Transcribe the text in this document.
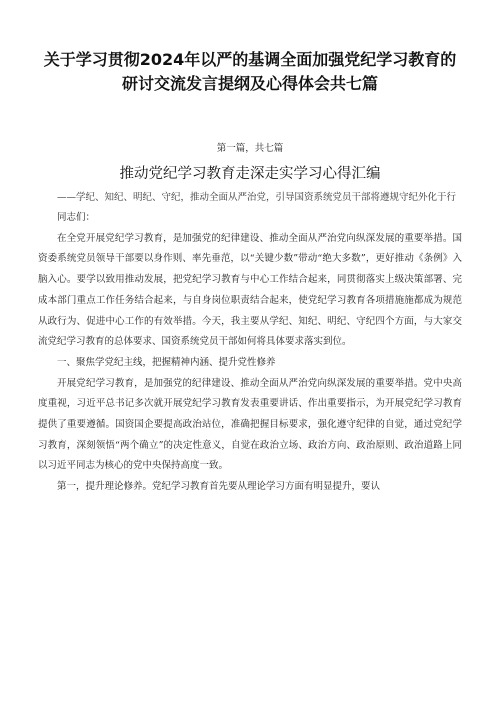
关于学习贯彻2024年以严的基调全面加强党纪学习教育的研讨交流发言提纲及心得体会共七篇
第一篇，共七篇
推动党纪学习教育走深走实学习心得汇编
——学纪、知纪、明纪、守纪，推动全面从严治党，引导国资系统党员干部将遵规守纪外化于行

同志们：

在全党开展党纪学习教育，是加强党的纪律建设、推动全面从严治党向纵深发展的重要举措。国资委系统党员领导干部要以身作则、率先垂范，以“关键少数”带动“绝大多数”，更好推动《条例》入脑入心。要学以致用推动发展，把党纪学习教育与中心工作结合起来，同贯彻落实上级决策部署、完成本部门重点工作任务结合起来，与自身岗位职责结合起来，使党纪学习教育各项措施施都成为规范从政行为、促进中心工作的有效举措。今天，我主要从学纪、知纪、明纪、守纪四个方面，与大家交流党纪学习教育的总体要求、国资系统党员干部如何将具体要求落实到位。

一、聚焦学党纪主线，把握精神内涵、提升党性修养

开展党纪学习教育，是加强党的纪律建设、推动全面从严治党向纵深发展的重要举措。党中央高度重视，习近平总书记多次就开展党纪学习教育发表重要讲话、作出重要指示，为开展党纪学习教育提供了重要遵循。国资国企要提高政治站位，准确把握目标要求，强化遵守纪律的自觉，通过党纪学习教育，深刻领悟“两个确立”的决定性意义，自觉在政治立场、政治方向、政治原则、政治道路上同以习近平同志为核心的党中央保持高度一致。

第一，提升理论修养。党纪学习教育首先要从理论学习方面有明显提升，要认
